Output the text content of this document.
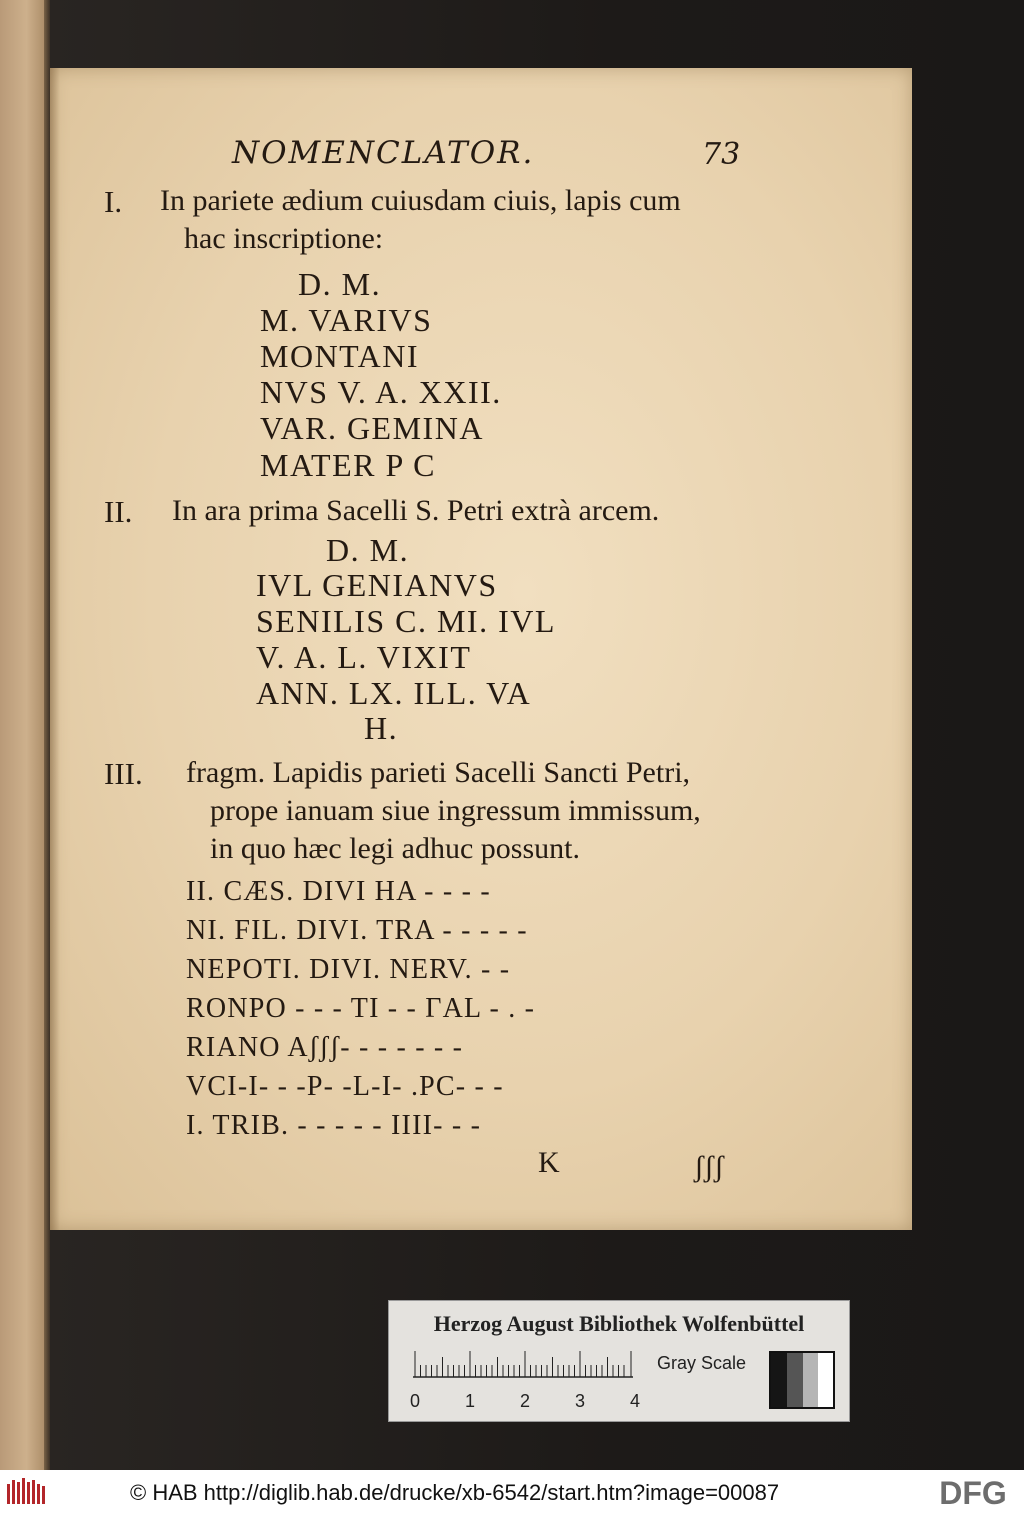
NOMENCLATOR.	73
I. In pariete ædium cuiusdam ciuis, lapis cum
hac inscriptione:
D. M.
M. VARIVS
MONTANI
NVS V. A. XXII.
VAR. GEMINA
MATER P C
II. In ara prima Sacelli S. Petri extrà arcem.
D. M.
IVL GENIANVS
SENILIS C. MI. IVL
V. A. L. VIXIT
ANN. LX. ILL. VA
H.
III. fragm. Lapidis parieti Sacelli Sancti Petri,
prope ianuam siue ingressum immissum,
in quo hæc legi adhuc possunt.
II. CÆS. DIVI HA - - - -
NI. FIL. DIVI. TRA - - - - -
NEPOTI. DIVI. NERV. - -
RONPO - - - TI - - ΓAL - . -
RIANO Aʃʃʃ- - - - - - -
VCI-I- - -P- -L-I- .PC- - -
I. TRIB. - - - - - IIII- - -
K	ʃʃʃ
Herzog August Bibliothek Wolfenbüttel
0 1 2 3 4
Gray Scale
© HAB http://diglib.hab.de/drucke/xb-6542/start.htm?image=00087	DFG
